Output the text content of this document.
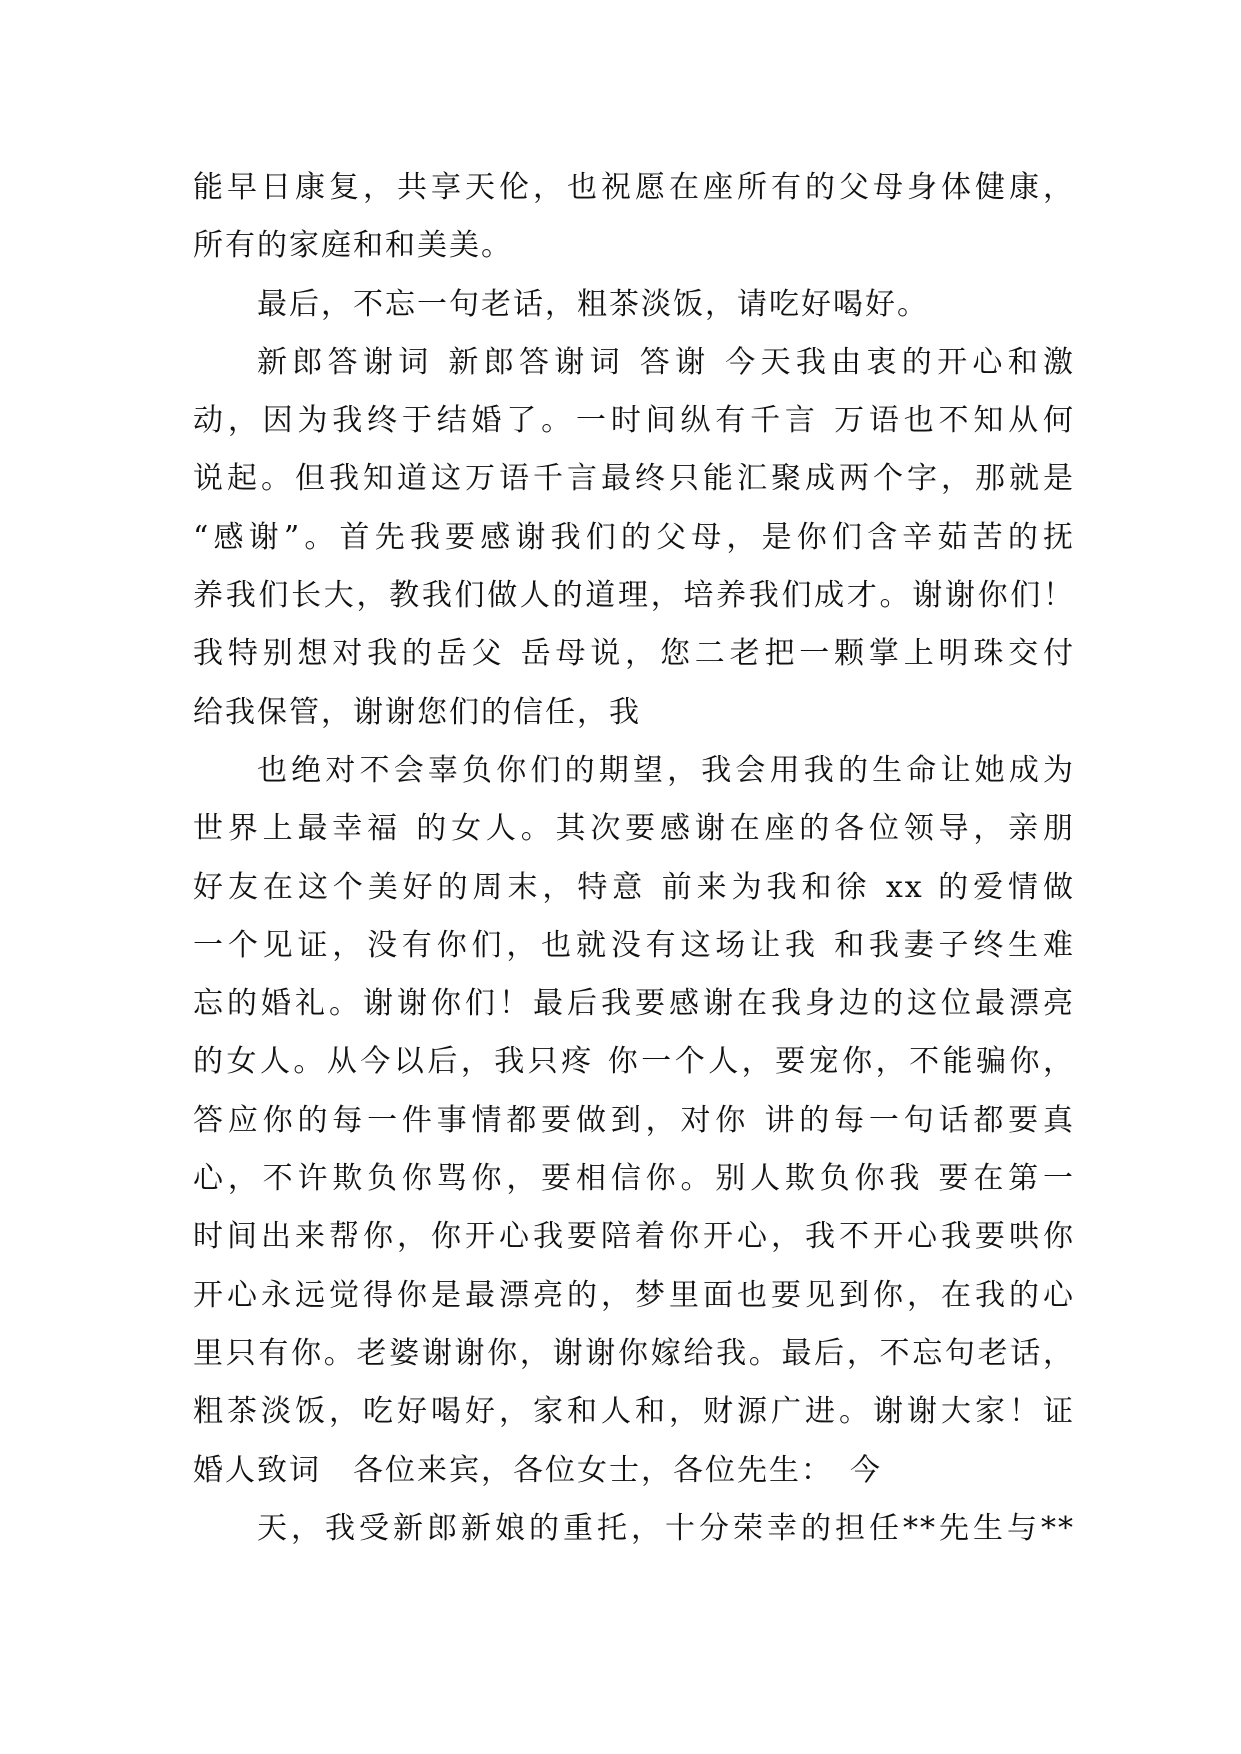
能早日康复，共享天伦，也祝愿在座所有的父母身体健康，
所有的家庭和和美美。
最后，不忘一句老话，粗茶淡饭，请吃好喝好。
新郎答谢词 新郎答谢词 答谢 今天我由衷的开心和激
动，因为我终于结婚了。一时间纵有千言 万语也不知从何
说起。但我知道这万语千言最终只能汇聚成两个字，那就是
“感谢”。首先我要感谢我们的父母，是你们含辛茹苦的抚
养我们长大，教我们做人的道理，培养我们成才。谢谢你们！
我特别想对我的岳父 岳母说，您二老把一颗掌上明珠交付
给我保管，谢谢您们的信任，我
也绝对不会辜负你们的期望，我会用我的生命让她成为
世界上最幸福 的女人。其次要感谢在座的各位领导，亲朋
好友在这个美好的周末，特意 前来为我和徐 xx 的爱情做
一个见证，没有你们，也就没有这场让我 和我妻子终生难
忘的婚礼。谢谢你们！最后我要感谢在我身边的这位最漂亮
的女人。从今以后，我只疼 你一个人，要宠你，不能骗你，
答应你的每一件事情都要做到，对你 讲的每一句话都要真
心，不许欺负你骂你，要相信你。别人欺负你我 要在第一
时间出来帮你，你开心我要陪着你开心，我不开心我要哄你
开心永远觉得你是最漂亮的，梦里面也要见到你，在我的心
里只有你。老婆谢谢你，谢谢你嫁给我。最后，不忘句老话，
粗茶淡饭，吃好喝好，家和人和，财源广进。谢谢大家！证
婚人致词　各位来宾，各位女士，各位先生：　今
天，我受新郎新娘的重托，十分荣幸的担任**先生与**
